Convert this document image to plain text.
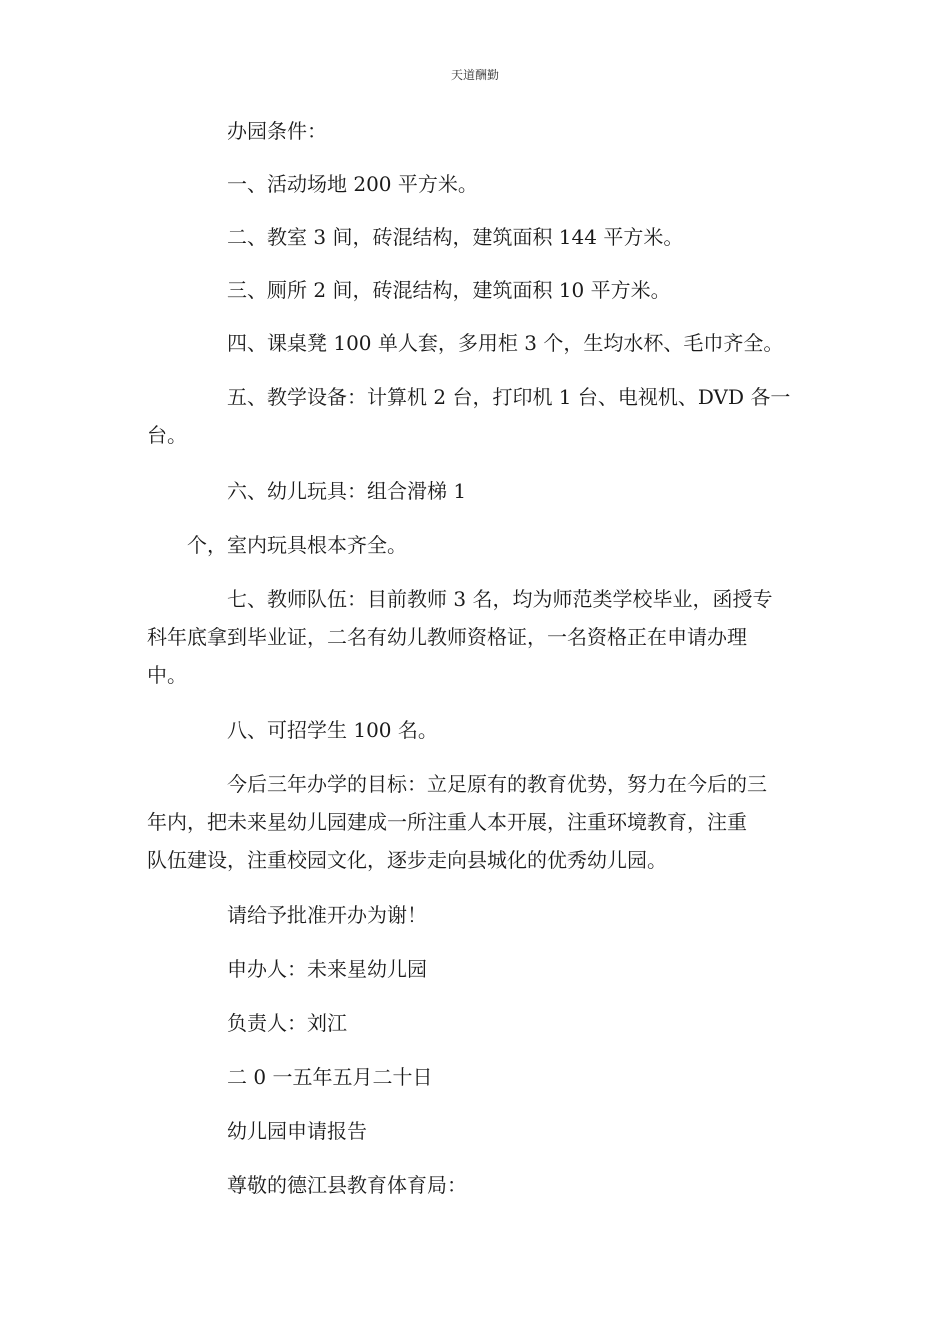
天道酬勤
　　　　办园条件：
　　　　一、活动场地 200 平方米。
　　　　二、教室 3 间，砖混结构，建筑面积 144 平方米。
　　　　三、厕所 2 间，砖混结构，建筑面积 10 平方米。
　　　　四、课桌凳 100 单人套，多用柜 3 个，生均水杯、毛巾齐全。
　　　　五、教学设备：计算机 2 台，打印机 1 台、电视机、DVD 各一
台。
　　　　六、幼儿玩具：组合滑梯 1
　　个，室内玩具根本齐全。
　　　　七、教师队伍：目前教师 3 名，均为师范类学校毕业，函授专
科年底拿到毕业证，二名有幼儿教师资格证，一名资格正在申请办理
中。
　　　　八、可招学生 100 名。
　　　　今后三年办学的目标：立足原有的教育优势，努力在今后的三
年内，把未来星幼儿园建成一所注重人本开展，注重环境教育，注重
队伍建设，注重校园文化，逐步走向县城化的优秀幼儿园。
　　　　请给予批准开办为谢！
　　　　申办人：未来星幼儿园
　　　　负责人：刘江
　　　　二 0 一五年五月二十日
　　　　幼儿园申请报告
　　　　尊敬的德江县教育体育局：
